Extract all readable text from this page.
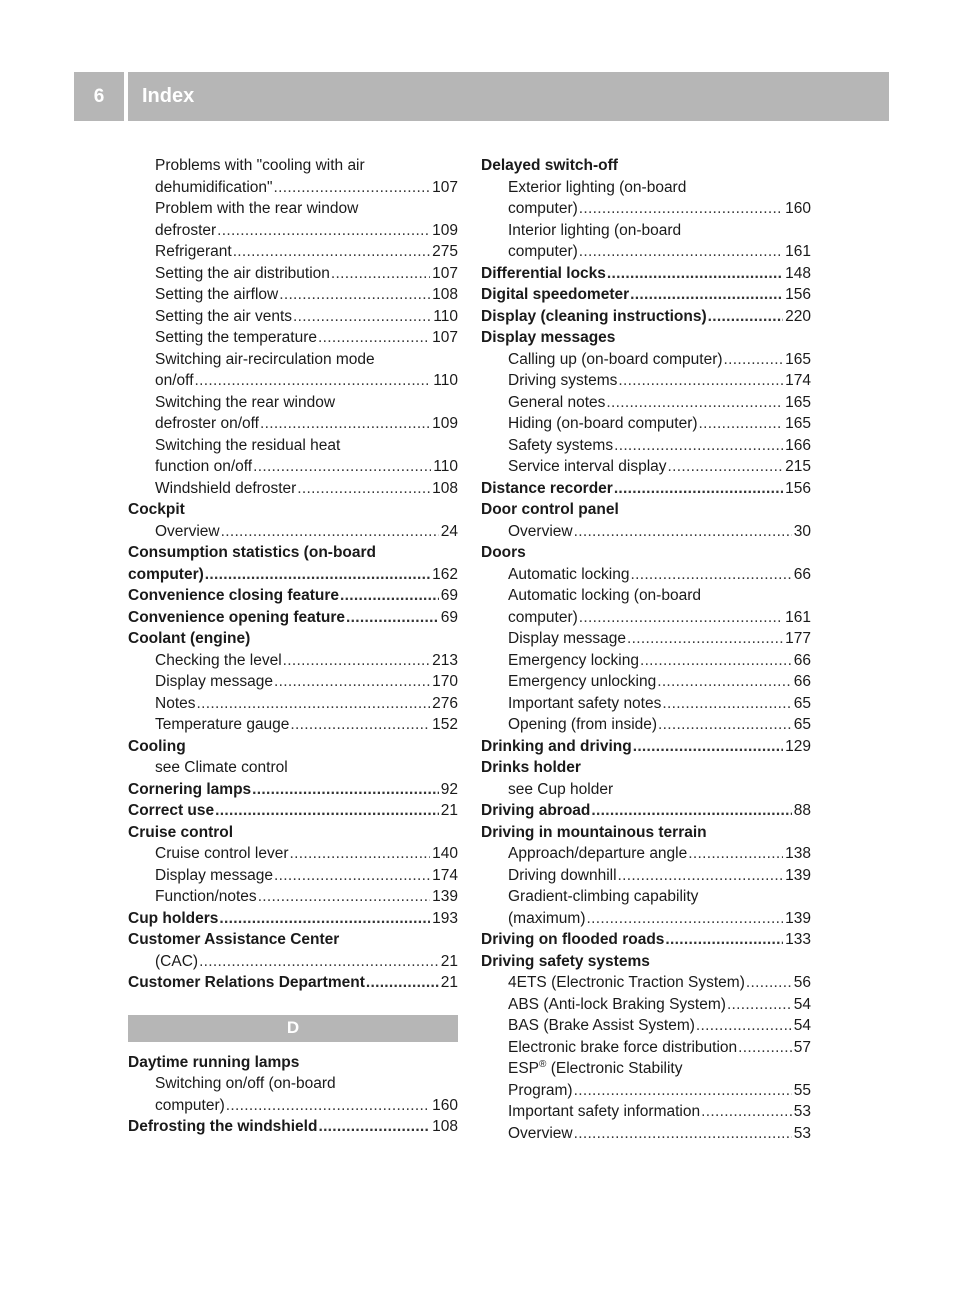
6	Index
Problems with "cooling with air
dehumidification" . . .	107
Problem with the rear window
defroster . . .	109
Refrigerant . . .	275
Setting the air distribution . . .	107
Setting the airflow . . .	108
Setting the air vents . . .	110
Setting the temperature . . .	107
Switching air-recirculation mode
on/off . . .	110
Switching the rear window
defroster on/off . . .	109
Switching the residual heat
function on/off . . .	110
Windshield defroster . . .	108
Cockpit
Overview . . .	24
Consumption statistics (on-board
computer) . . .	162
Convenience closing feature . . .	69
Convenience opening feature . . .	69
Coolant (engine)
Checking the level . . .	213
Display message . . .	170
Notes . . .	276
Temperature gauge . . .	152
Cooling
see Climate control
Cornering lamps . . .	92
Correct use . . .	21
Cruise control
Cruise control lever . . .	140
Display message . . .	174
Function/notes . . .	139
Cup holders . . .	193
Customer Assistance Center
(CAC) . . .	21
Customer Relations Department . . .	21
D
Daytime running lamps
Switching on/off (on-board
computer) . . .	160
Defrosting the windshield . . .	108
Delayed switch-off
Exterior lighting (on-board
computer) . . .	160
Interior lighting (on-board
computer) . . .	161
Differential locks . . .	148
Digital speedometer . . .	156
Display (cleaning instructions) . . .	220
Display messages
Calling up (on-board computer) . . .	165
Driving systems . . .	174
General notes . . .	165
Hiding (on-board computer) . . .	165
Safety systems . . .	166
Service interval display . . .	215
Distance recorder . . .	156
Door control panel
Overview . . .	30
Doors
Automatic locking . . .	66
Automatic locking (on-board
computer) . . .	161
Display message . . .	177
Emergency locking . . .	66
Emergency unlocking . . .	66
Important safety notes . . .	65
Opening (from inside) . . .	65
Drinking and driving . . .	129
Drinks holder
see Cup holder
Driving abroad . . .	88
Driving in mountainous terrain
Approach/departure angle . . .	138
Driving downhill . . .	139
Gradient-climbing capability
(maximum) . . .	139
Driving on flooded roads . . .	133
Driving safety systems
4ETS (Electronic Traction System) . . .	56
ABS (Anti-lock Braking System) . . .	54
BAS (Brake Assist System) . . .	54
Electronic brake force distribution . . .	57
ESP® (Electronic Stability
Program) . . .	55
Important safety information . . .	53
Overview . . .	53
